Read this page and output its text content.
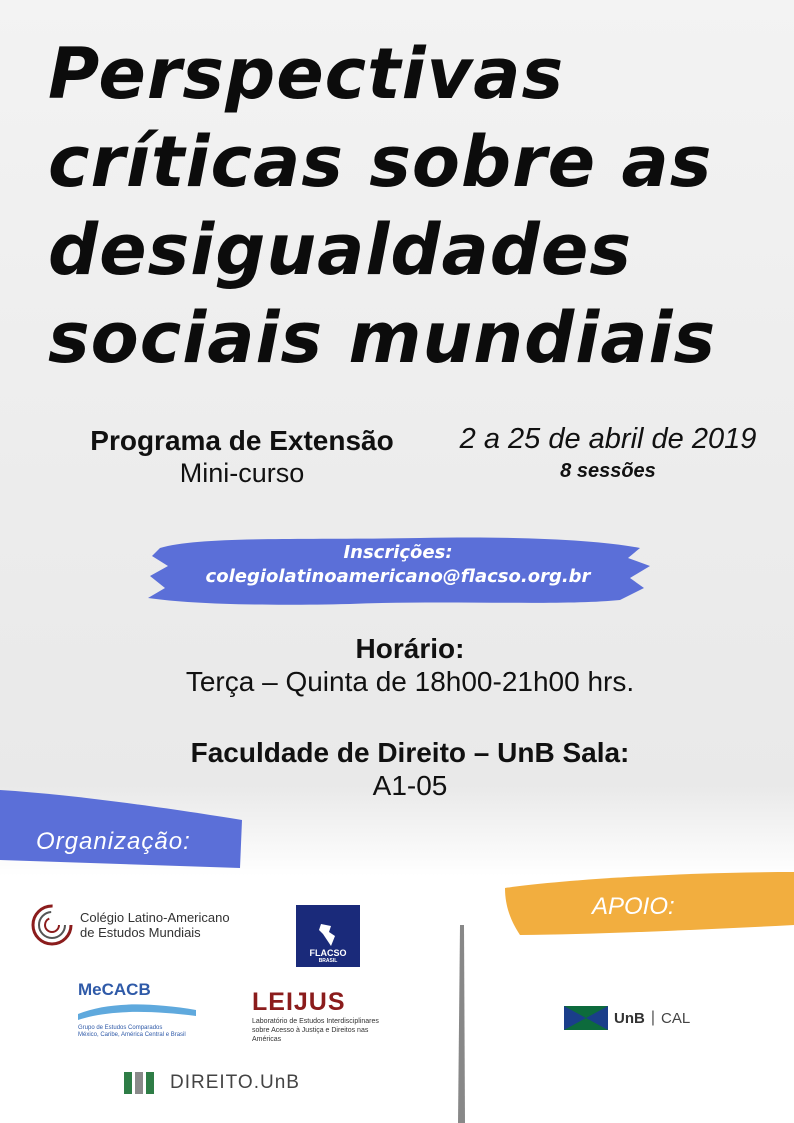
Perspectivas
críticas sobre as
desigualdades
sociais mundiais
Programa de Extensão
Mini-curso
2 a 25 de abril de 2019
8 sessões
Inscrições:
colegiolatinoamericano@flacso.org.br
Horário:
Terça – Quinta de 18h00-21h00 hrs.
Faculdade de Direito – UnB Sala:
A1-05
Organização:
APOIO:
Colégio Latino-Americano
de Estudos Mundiais
FLACSO
BRASIL
MeCACB
Grupo de Estudos Comparados
México, Caribe, América Central e Brasil
LEIJUS
Laboratório de Estudos Interdisciplinares
sobre Acesso à Justiça e Direitos nas Américas
DIREITO.UnB
UnB | CAL
